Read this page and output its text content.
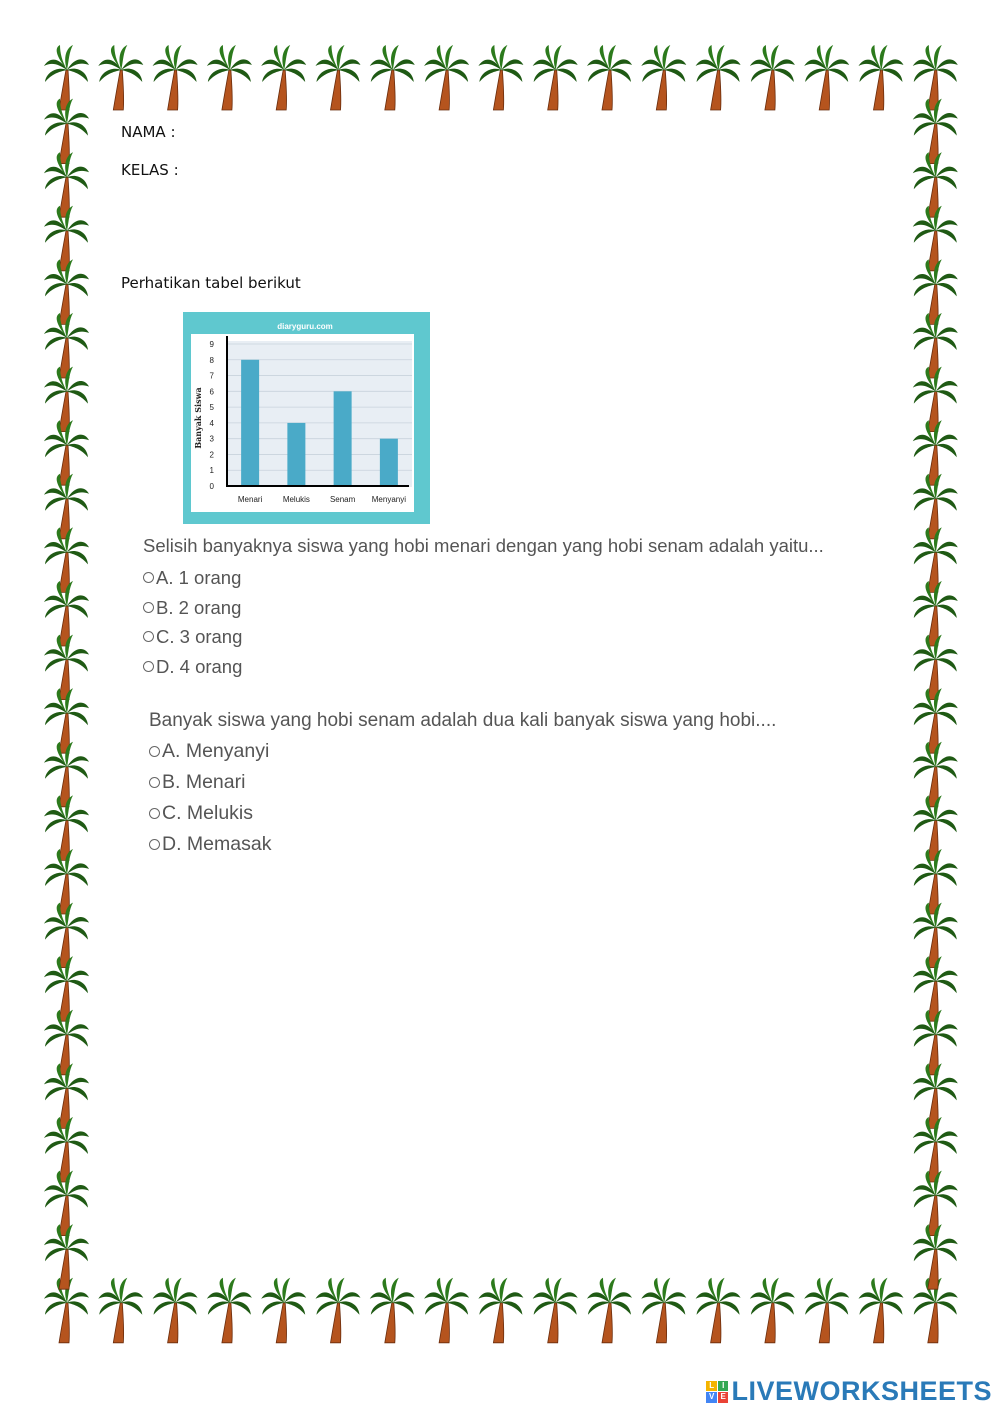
NAMA :
KELAS :
Perhatikan tabel berikut
diaryguru.com
0
1
2
3
4
5
6
7
8
9
Menari	Melukis	Senam Menyanyi
Banyak Siswa
Selisih banyaknya siswa yang hobi menari dengan yang hobi senam adalah yaitu...
A. 1 orang
B. 2 orang
C. 3 orang
D. 4 orang
Banyak siswa yang hobi senam adalah dua kali banyak siswa yang hobi....
A. Menyanyi
B. Menari
C. Melukis
D. Memasak
L I
V E LIVEWORKSHEETS
